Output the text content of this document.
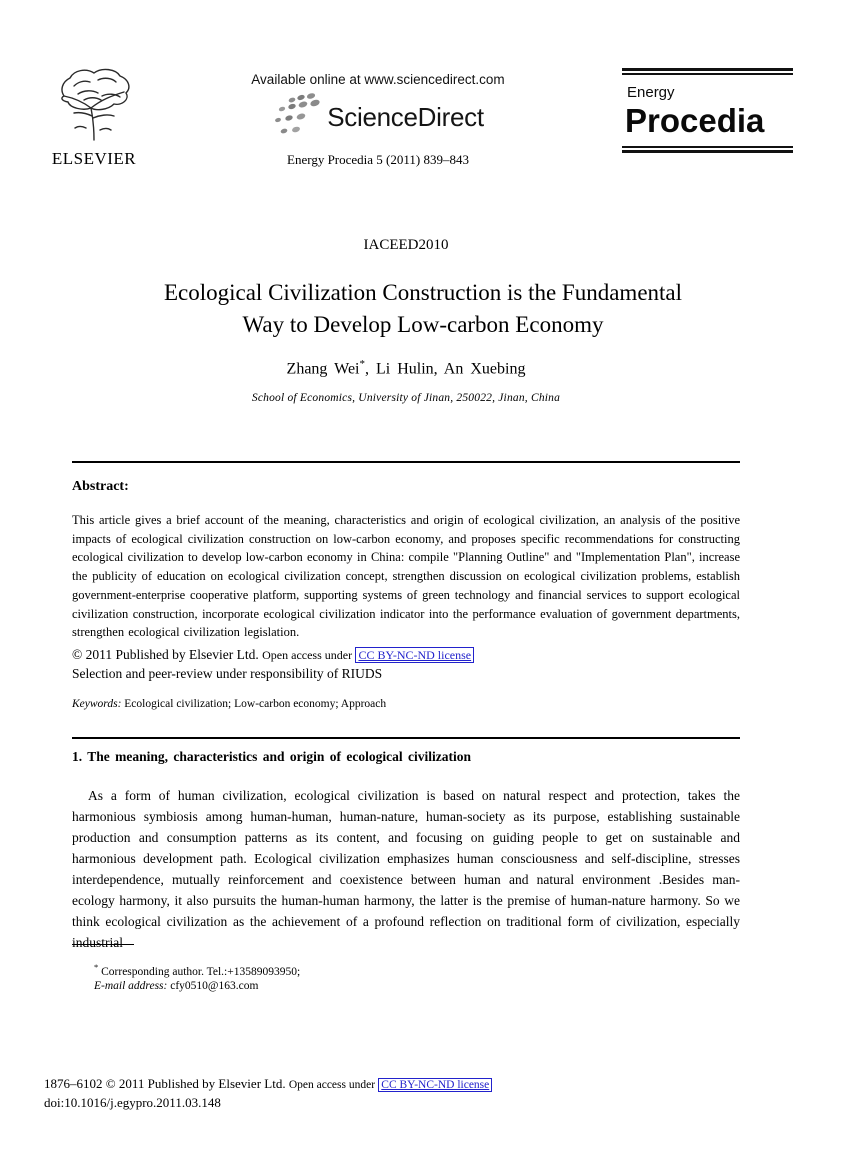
ELSEVIER
Available online at www.sciencedirect.com
ScienceDirect
Energy Procedia 5 (2011) 839–843
Energy
Procedia
IACEED2010
Ecological Civilization Construction is the Fundamental
Way to Develop Low-carbon Economy
Zhang Wei*, Li Hulin, An Xuebing
School of Economics, University of Jinan, 250022, Jinan, China
Abstract:
This article gives a brief account of the meaning, characteristics and origin of ecological civilization, an analysis of the positive impacts of ecological civilization construction on low-carbon economy, and proposes specific recommendations for constructing ecological civilization to develop low-carbon economy in China: compile "Planning Outline" and "Implementation Plan", increase the publicity of education on ecological civilization concept, strengthen discussion on ecological civilization problems, establish government-enterprise cooperative platform, supporting systems of green technology and financial services to support ecological civilization construction, incorporate ecological civilization indicator into the performance evaluation of government departments, strengthen ecological civilization legislation.
© 2011 Published by Elsevier Ltd. Open access under CC BY-NC-ND license
Selection and peer-review under responsibility of RIUDS
Keywords: Ecological civilization; Low-carbon economy; Approach
1. The meaning, characteristics and origin of ecological civilization
As a form of human civilization, ecological civilization is based on natural respect and protection, takes the harmonious symbiosis among human-human, human-nature, human-society as its purpose, establishing sustainable production and consumption patterns as its content, and focusing on guiding people to get on sustainable and harmonious development path. Ecological civilization emphasizes human consciousness and self-discipline, stresses interdependence, mutually reinforcement and coexistence between human and natural environment .Besides man-ecology harmony, it also pursuits the human-human harmony, the latter is the premise of human-nature harmony. So we think ecological civilization as the achievement of a profound reflection on traditional form of civilization, especially industrial
* Corresponding author. Tel.:+13589093950;
E-mail address: cfy0510@163.com
1876–6102 © 2011 Published by Elsevier Ltd. Open access under CC BY-NC-ND license
doi:10.1016/j.egypro.2011.03.148
